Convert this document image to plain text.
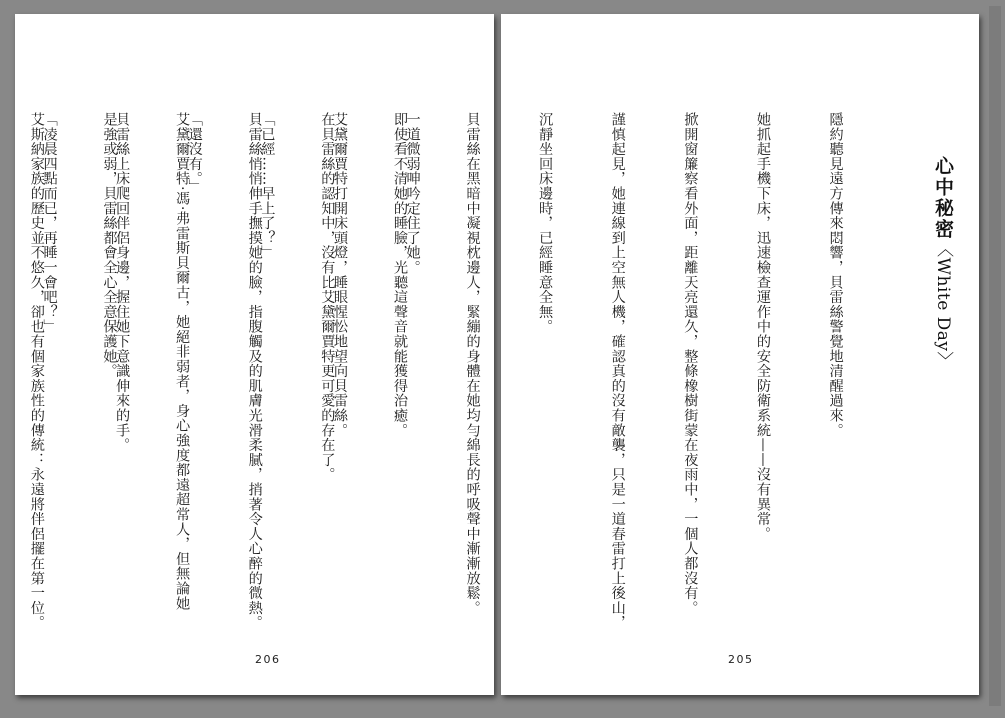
一道微弱呻吟定住了她。

艾黛爾賈特打開床頭燈，睡眼惺忪地望向貝雷絲。

「已經……早上了？」

「還沒有。」

貝雷絲上床爬回伴侶身邊，握住她下意識伸來的手。

「凌晨四點而已，再睡一會吧？」

206
心中秘密〈White Day〉

隱約聽見遠方傳來悶響，貝雷絲警覺地清醒過來。

她抓起手機下床，迅速檢查運作中的安全防衛系統——沒有異常。

掀開窗簾察看外面，距離天亮還久，整條橡樹街蒙在夜雨中，一個人都沒有。

謹慎起見，她連線到上空無人機，確認真的沒有敵襲，只是一道春雷打上後山，

沉靜坐回床邊時，已經睡意全無。

貝雷絲在黑暗中凝視枕邊人，緊繃的身體在她均勻綿長的呼吸聲中漸漸放鬆。

即使看不清她的睡臉，光聽這聲音就能獲得治癒。

在貝雷絲的認知中，沒有比艾黛爾賈特更可愛的存在了。

貝雷絲悄悄伸手撫摸她的臉，指腹觸及的肌膚光滑柔膩，捎著令人心醉的微熱。

艾黛爾賈特·馮·弗雷斯貝爾古，她絕非弱者，身心強度都遠超常人，但無論她

是強或弱，貝雷絲都會全心全意保護她。

艾斯納家族的歷史並不悠久，卻也有個家族性的傳統：永遠將伴侶擺在第一位。

205
